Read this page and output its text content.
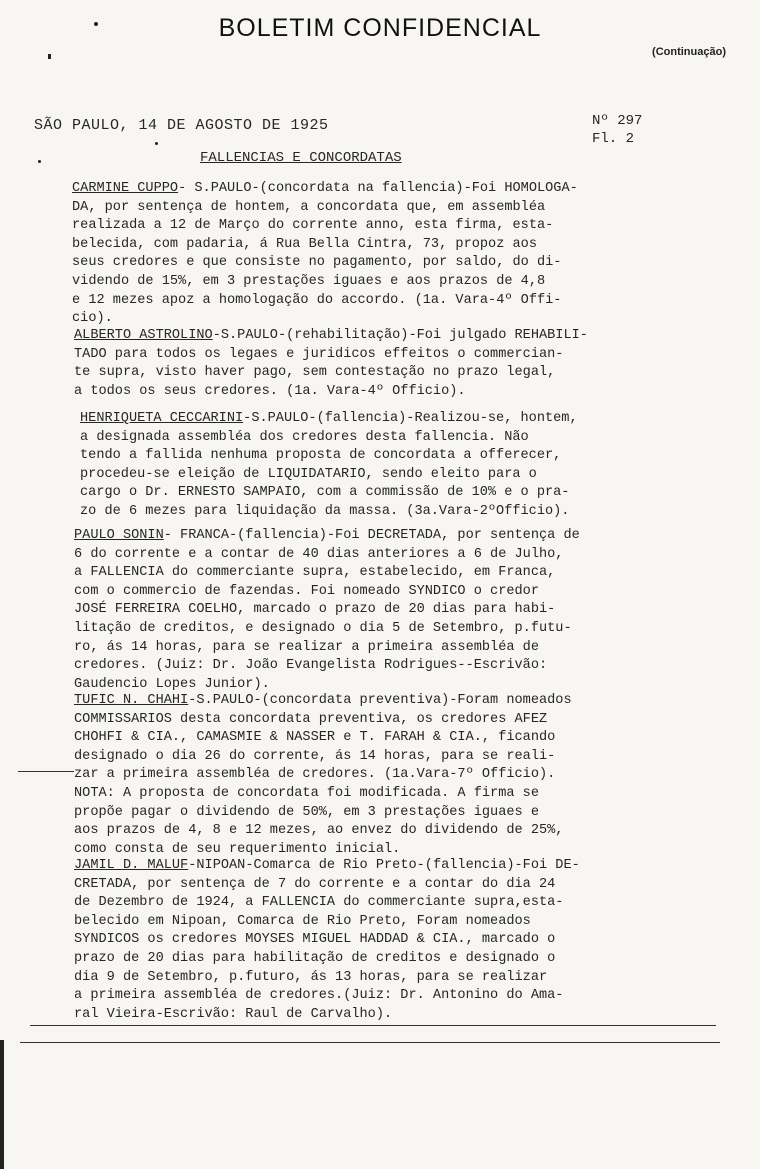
BOLETIM CONFIDENCIAL
(Continuação)
SÃO PAULO, 14 DE AGOSTO DE 1925	Nº 297
Fl. 2
FALLENCIAS E CONCORDATAS
CARMINE CUPPO- S.PAULO-(concordata na fallencia)-Foi HOMOLOGA-
DA, por sentença de hontem, a concordata que, em assembléa
realizada a 12 de Março do corrente anno, esta firma, esta-
belecida, com padaria, á Rua Bella Cintra, 73, propoz aos
seus credores e que consiste no pagamento, por saldo, do di-
videndo de 15%, em 3 prestações iguaes e aos prazos de 4,8
e 12 mezes apoz a homologação do accordo. (1a. Vara-4º Offi-
cio).
ALBERTO ASTROLINO-S.PAULO-(rehabilitação)-Foi julgado REHABILI-
TADO para todos os legaes e juridicos effeitos o commercian-
te supra, visto haver pago, sem contestação no prazo legal,
a todos os seus credores. (1a. Vara-4º Officio).
HENRIQUETA CECCARINI-S.PAULO-(fallencia)-Realizou-se, hontem,
a designada assembléa dos credores desta fallencia. Não
tendo a fallida nenhuma proposta de concordata a offerecer,
procedeu-se eleição de LIQUIDATARIO, sendo eleito para o
cargo o Dr. ERNESTO SAMPAIO, com a commissão de 10% e o pra-
zo de 6 mezes para liquidação da massa. (3a.Vara-2ºOfficio).
PAULO SONIN- FRANCA-(fallencia)-Foi DECRETADA, por sentença de
6 do corrente e a contar de 40 dias anteriores a 6 de Julho,
a FALLENCIA do commerciante supra, estabelecido, em Franca,
com o commercio de fazendas. Foi nomeado SYNDICO o credor
JOSÉ FERREIRA COELHO, marcado o prazo de 20 dias para habi-
litação de creditos, e designado o dia 5 de Setembro, p.futu-
ro, ás 14 horas, para se realizar a primeira assembléa de
credores. (Juiz: Dr. João Evangelista Rodrigues--Escrivão:
Gaudencio Lopes Junior).
TUFIC N. CHAHI-S.PAULO-(concordata preventiva)-Foram nomeados
COMMISSARIOS desta concordata preventiva, os credores AFEZ
CHOHFI & CIA., CAMASMIE & NASSER e T. FARAH & CIA., ficando
designado o dia 26 do corrente, ás 14 horas, para se reali-
zar a primeira assembléa de credores. (1a.Vara-7º Officio).
NOTA: A proposta de concordata foi modificada. A firma se
propõe pagar o dividendo de 50%, em 3 prestações iguaes e
aos prazos de 4, 8 e 12 mezes, ao envez do dividendo de 25%,
como consta de seu requerimento inicial.
JAMIL D. MALUF-NIPOAN-Comarca de Rio Preto-(fallencia)-Foi DE-
CRETADA, por sentença de 7 do corrente e a contar do dia 24
de Dezembro de 1924, a FALLENCIA do commerciante supra,esta-
belecido em Nipoan, Comarca de Rio Preto, Foram nomeados
SYNDICOS os credores MOYSES MIGUEL HADDAD & CIA., marcado o
prazo de 20 dias para habilitação de creditos e designado o
dia 9 de Setembro, p.futuro, ás 13 horas, para se realizar
a primeira assembléa de credores.(Juiz: Dr. Antonino do Ama-
ral Vieira-Escrivão: Raul de Carvalho).
